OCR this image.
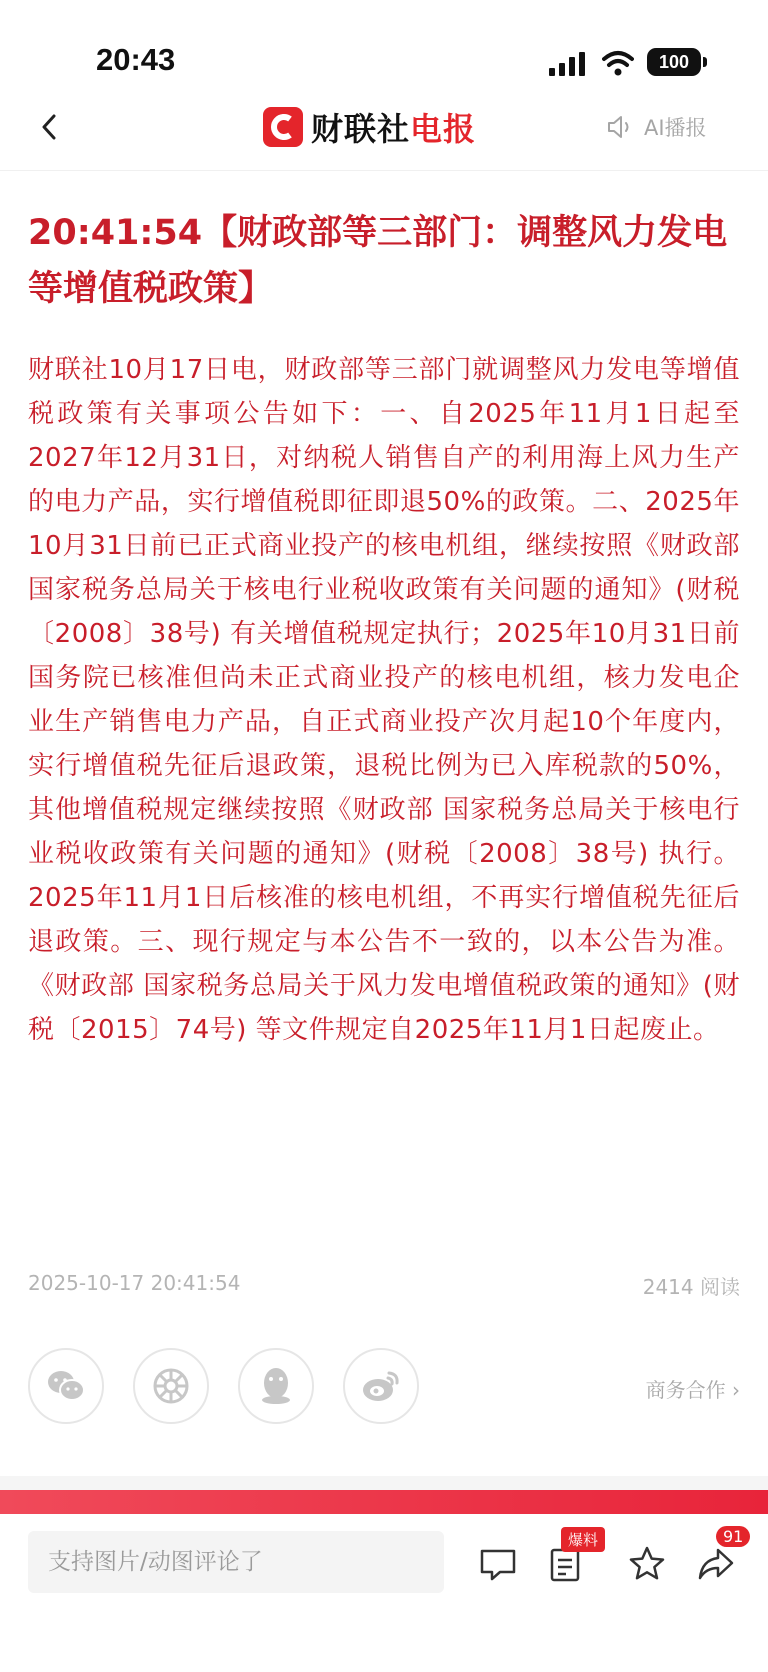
20:43	100
财联社电报	AI播报
20:41:54【财政部等三部门：调整风力发电等增值税政策】

财联社10月17日电，财政部等三部门就调整风力发电等增值税政策有关事项公告如下：一、自2025年11月1日起至2027年12月31日，对纳税人销售自产的利用海上风力生产的电力产品，实行增值税即征即退50%的政策。二、2025年10月31日前已正式商业投产的核电机组，继续按照《财政部 国家税务总局关于核电行业税收政策有关问题的通知》(财税〔2008〕38号) 有关增值税规定执行；2025年10月31日前国务院已核准但尚未正式商业投产的核电机组，核力发电企业生产销售电力产品，自正式商业投产次月起10个年度内，实行增值税先征后退政策，退税比例为已入库税款的50%，其他增值税规定继续按照《财政部 国家税务总局关于核电行业税收政策有关问题的通知》(财税〔2008〕38号) 执行。2025年11月1日后核准的核电机组，不再实行增值税先征后退政策。三、现行规定与本公告不一致的，以本公告为准。《财政部 国家税务总局关于风力发电增值税政策的通知》(财税〔2015〕74号) 等文件规定自2025年11月1日起废止。

2025-10-17 20:41:54	2414 阅读
商务合作 ›
支持图片/动图评论了
爆料	91
